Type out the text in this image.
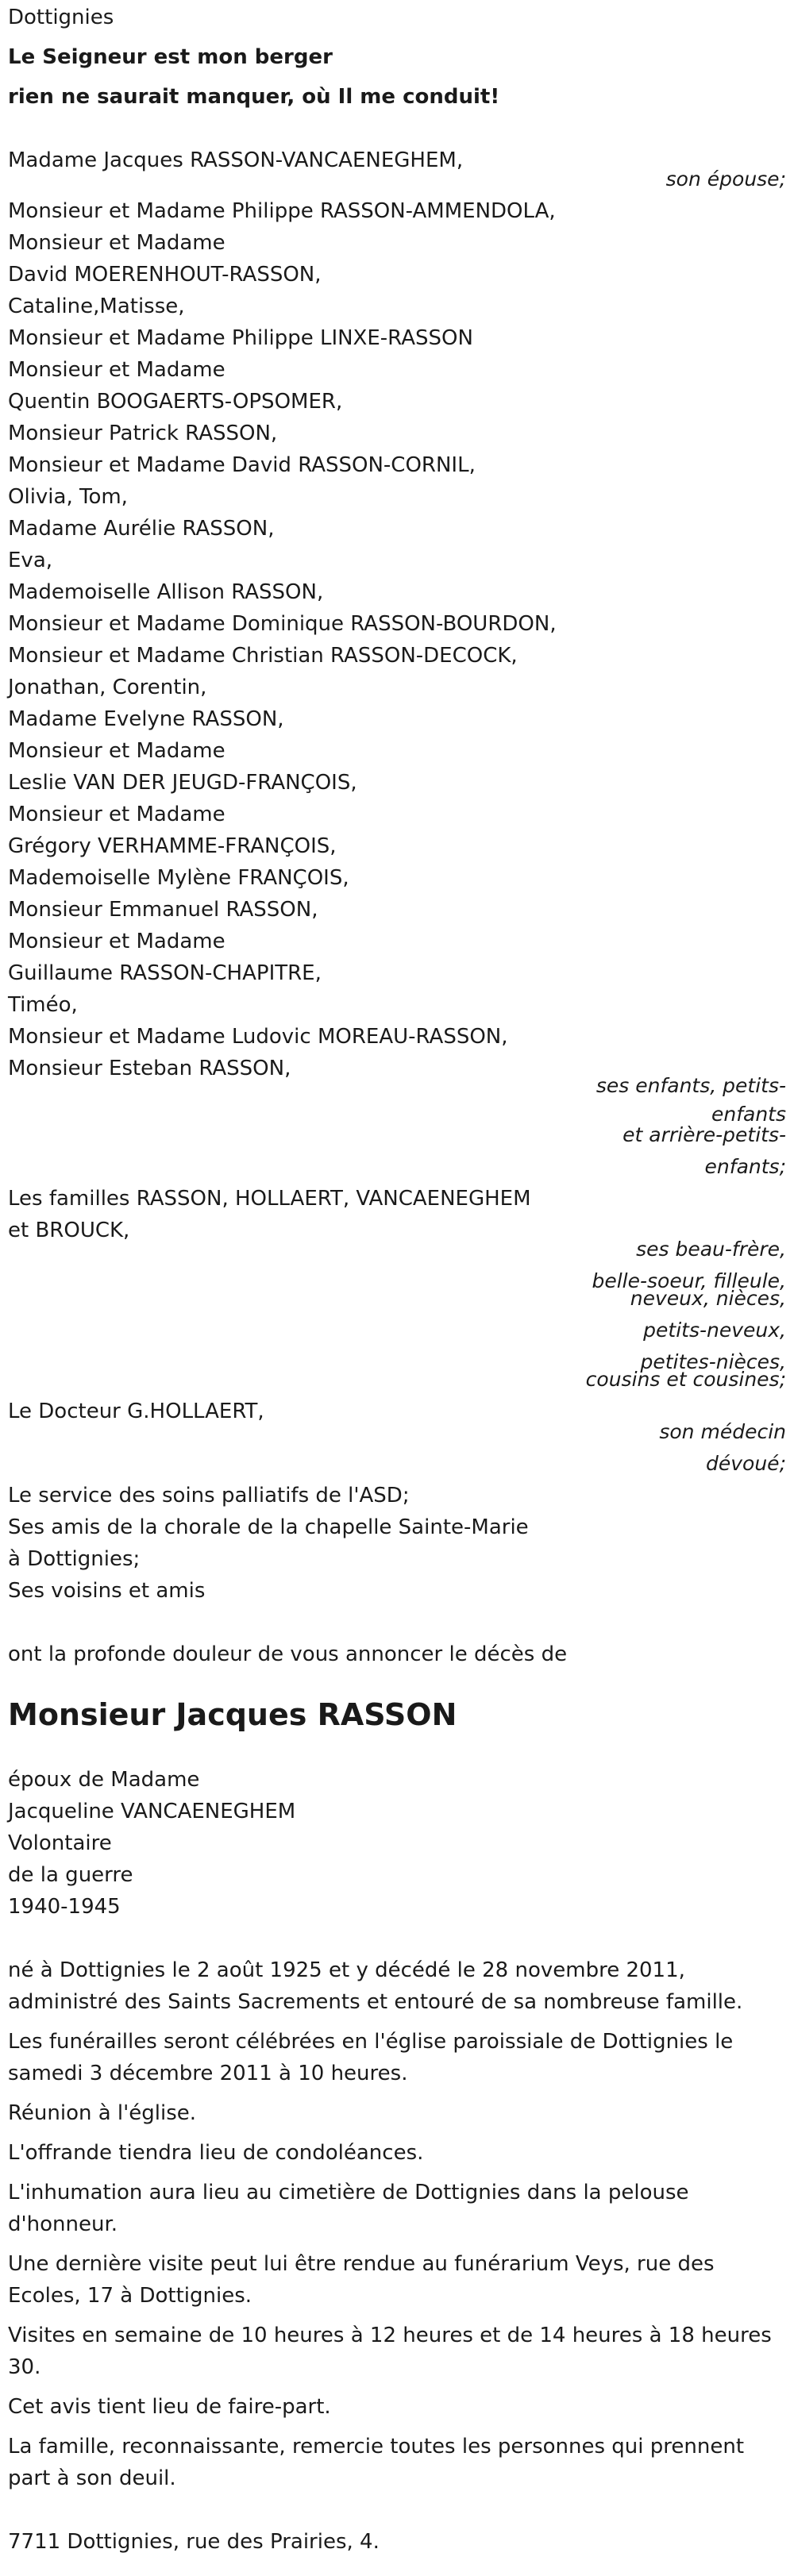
Dottignies

Le Seigneur est mon berger

rien ne saurait manquer, où Il me conduit!

Madame Jacques RASSON-VANCAENEGHEM,

son épouse;

Monsieur et Madame Philippe RASSON-AMMENDOLA,

Monsieur et Madame

David MOERENHOUT-RASSON,

Cataline,Matisse,

Monsieur et Madame Philippe LINXE-RASSON

Monsieur et Madame

Quentin BOOGAERTS-OPSOMER,

Monsieur Patrick RASSON,

Monsieur et Madame David RASSON-CORNIL,

Olivia, Tom,

Madame Aurélie RASSON,

Eva,

Mademoiselle Allison RASSON,

Monsieur et Madame Dominique RASSON-BOURDON,

Monsieur et Madame Christian RASSON-DECOCK,

Jonathan, Corentin,

Madame Evelyne RASSON,

Monsieur et Madame

Leslie VAN DER JEUGD-FRANÇOIS,

Monsieur et Madame

Grégory VERHAMME-FRANÇOIS,

Mademoiselle Mylène FRANÇOIS,

Monsieur Emmanuel RASSON,

Monsieur et Madame

Guillaume RASSON-CHAPITRE,

Timéo,

Monsieur et Madame Ludovic MOREAU-RASSON,

Monsieur Esteban RASSON,

ses enfants, petits-

enfants

et arrière-petits-

enfants;

Les familles RASSON, HOLLAERT, VANCAENEGHEM

et BROUCK,

ses beau-frère,

belle-soeur, filleule,

neveux, nièces,

petits-neveux,

petites-nièces,

cousins et cousines;

Le Docteur G.HOLLAERT,

son médecin

dévoué;

Le service des soins palliatifs de l'ASD;

Ses amis de la chorale de la chapelle Sainte-Marie

à Dottignies;

Ses voisins et amis

ont la profonde douleur de vous annoncer le décès de

Monsieur Jacques RASSON

époux de Madame

Jacqueline VANCAENEGHEM

Volontaire

de la guerre

1940-1945

né à Dottignies le 2 août 1925 et y décédé le 28 novembre 2011,

administré des Saints Sacrements et entouré de sa nombreuse famille.

Les funérailles seront célébrées en l'église paroissiale de Dottignies le

samedi 3 décembre 2011 à 10 heures.

Réunion à l'église.

L'offrande tiendra lieu de condoléances.

L'inhumation aura lieu au cimetière de Dottignies dans la pelouse

d'honneur.

Une dernière visite peut lui être rendue au funérarium Veys, rue des

Ecoles, 17 à Dottignies.

Visites en semaine de 10 heures à 12 heures et de 14 heures à 18 heures

30.

Cet avis tient lieu de faire-part.

La famille, reconnaissante, remercie toutes les personnes qui prennent

part à son deuil.

7711 Dottignies, rue des Prairies, 4.
